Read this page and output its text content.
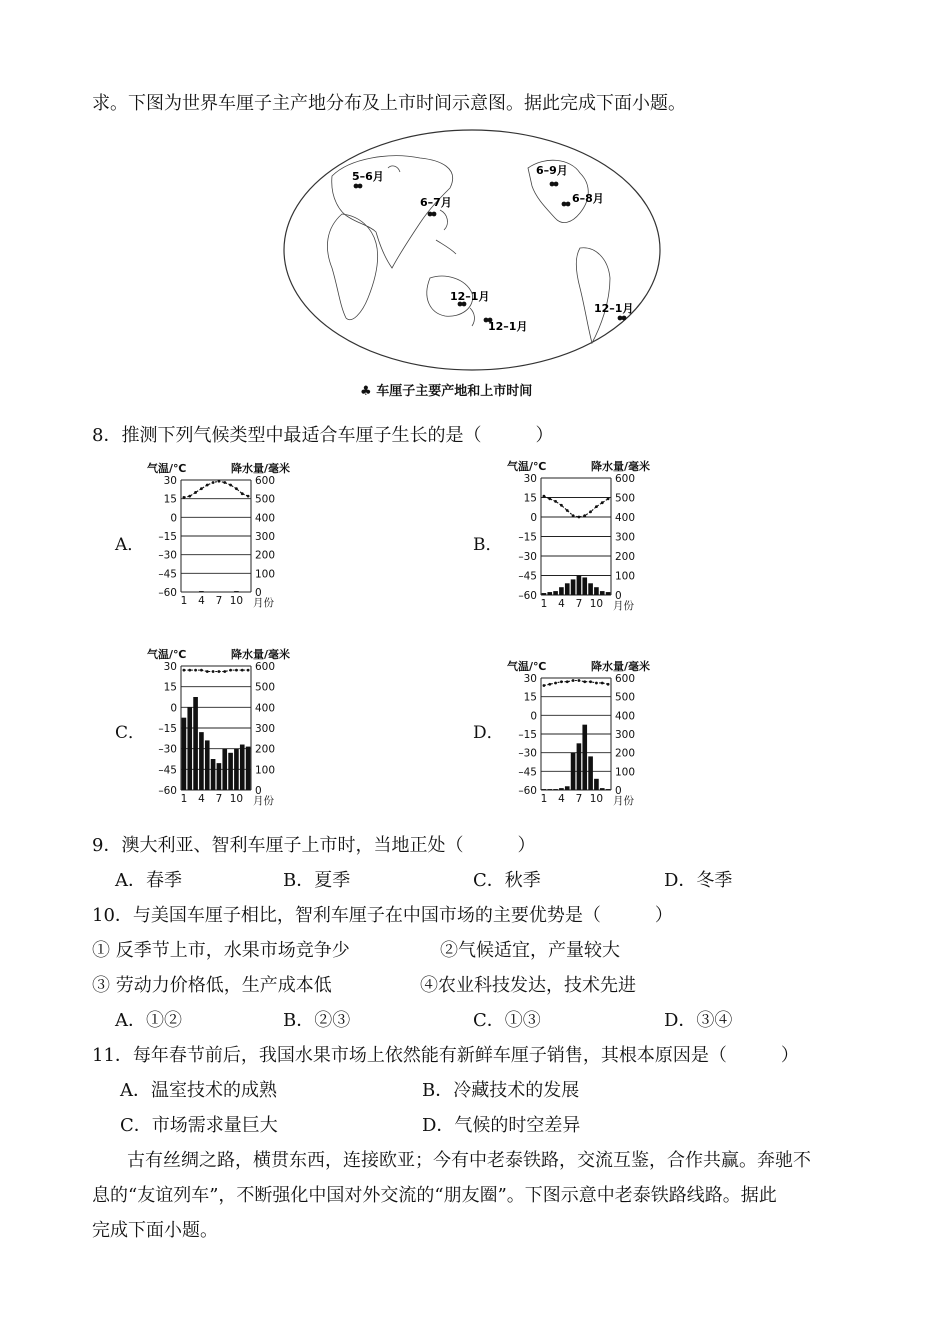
求。下图为世界车厘子主产地分布及上市时间示意图。据此完成下面小题。
5–6月
6–7月
6–9月
6–8月
12–1月
12–1月
12–1月
♣ 车厘子主要产地和上市时间
8．推测下列气候类型中最适合车厘子生长的是（　　　）
A．	B．
C．	D．
气温/℃	降水量/毫米
30	600
15	500
0	400
–15	300
–30	200
–45	100
–60	0
1 4 7 10 月份
气温/℃	降水量/毫米
30	600
15	500
0	400
–15	300
–30	200
–45	100
–60	0
1 4 7 10 月份
气温/℃	降水量/毫米
30	600
15	500
0	400
–15	300
–30	200
–45	100
–60	0
1 4 7 10 月份
气温/℃	降水量/毫米
30	600
15	500
0	400
–15	300
–30	200
–45	100
–60	0
1 4 7 10 月份
9．澳大利亚、智利车厘子上市时，当地正处（　　　）
A．春季	B．夏季	C．秋季	D．冬季
10．与美国车厘子相比，智利车厘子在中国市场的主要优势是（　　　）
① 反季节上市，水果市场竞争少	②气候适宜，产量较大
③ 劳动力价格低，生产成本低	④农业科技发达，技术先进
A．①②	B．②③	C．①③	D．③④
11．每年春节前后，我国水果市场上依然能有新鲜车厘子销售，其根本原因是（　　　）
A．温室技术的成熟	B．冷藏技术的发展
C．市场需求量巨大	D．气候的时空差异
古有丝绸之路，横贯东西，连接欧亚；今有中老泰铁路，交流互鉴，合作共赢。奔驰不
息的“友谊列车”，不断强化中国对外交流的“朋友圈”。下图示意中老泰铁路线路。据此
完成下面小题。
